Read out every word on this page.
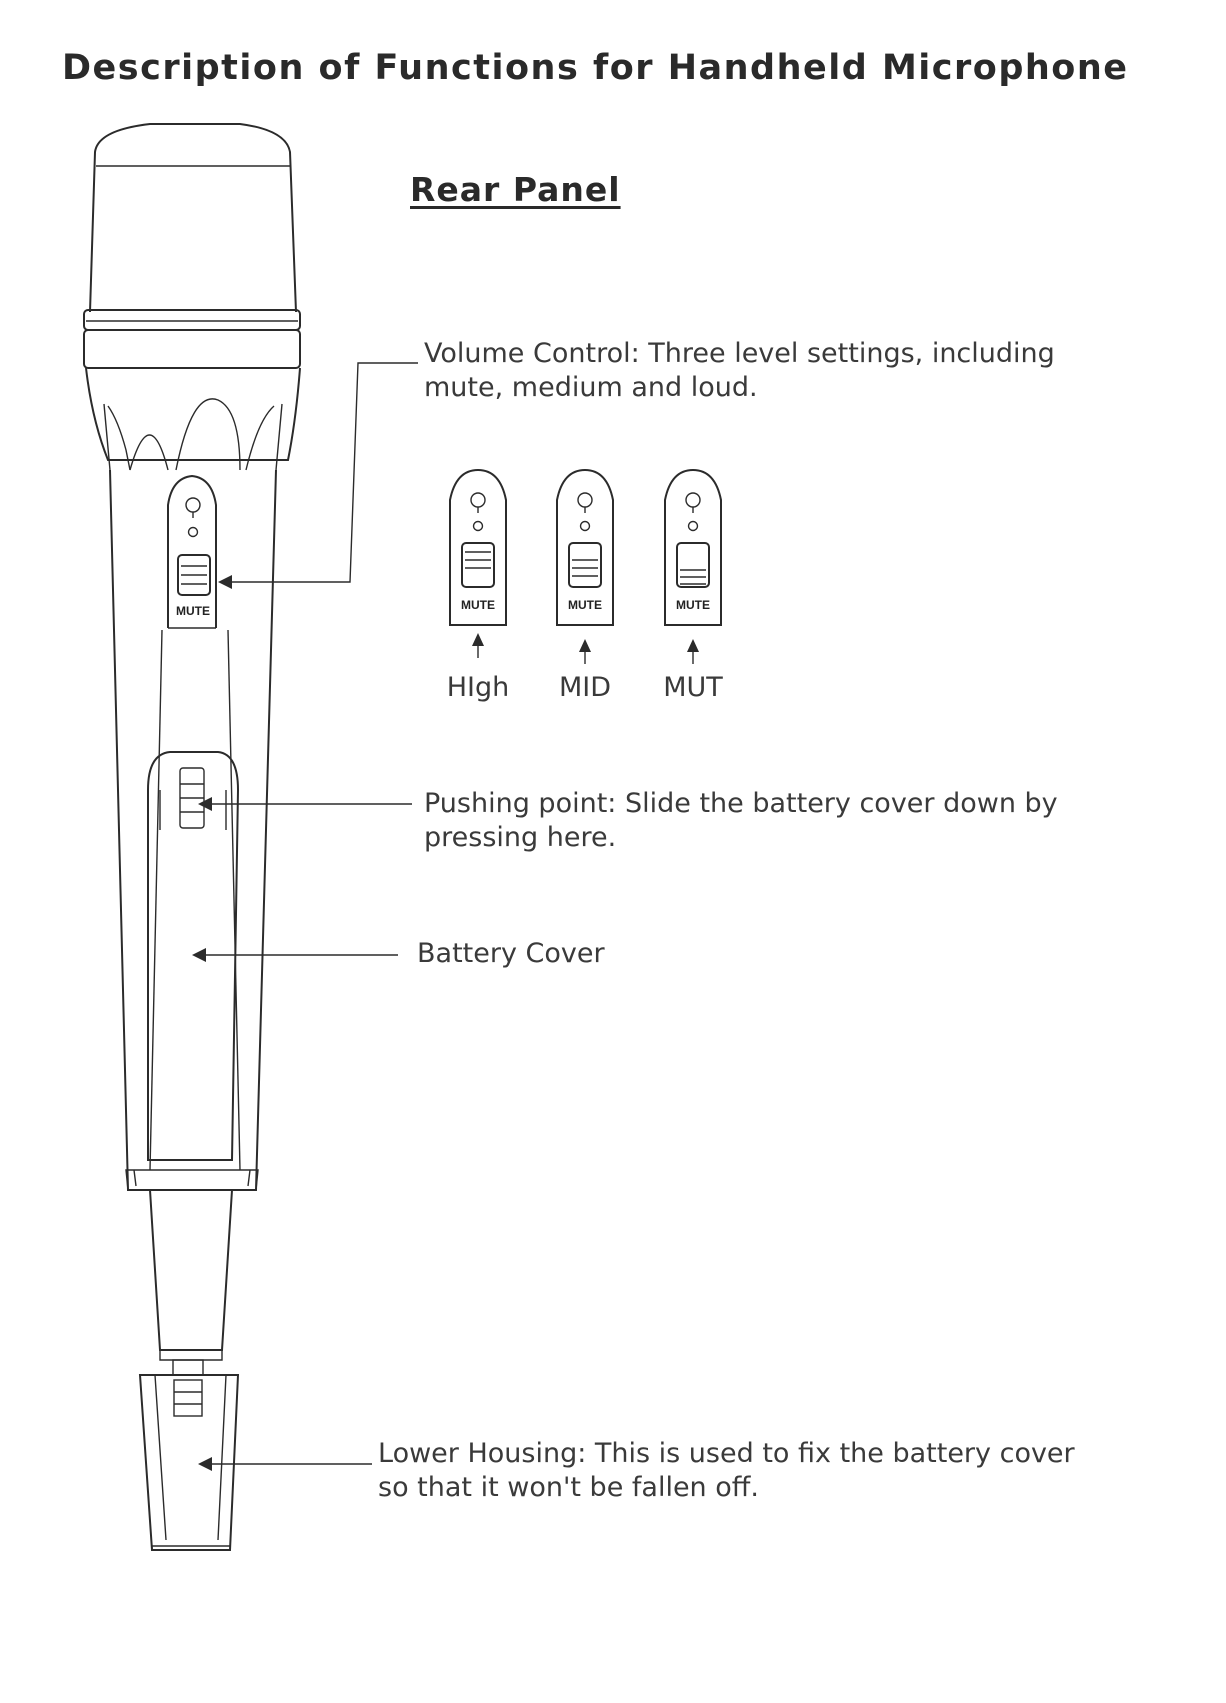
Description of Functions for Handheld Microphone
Rear Panel
MUTE	MUTE	MUTE	MUTE
Volume Control: Three level settings, including
mute, medium and loud.
HIgh	MID	MUT
Pushing point: Slide the battery cover down by
pressing here.
Battery Cover
Lower Housing: This is used to fix the battery cover
so that it won't be fallen off.
